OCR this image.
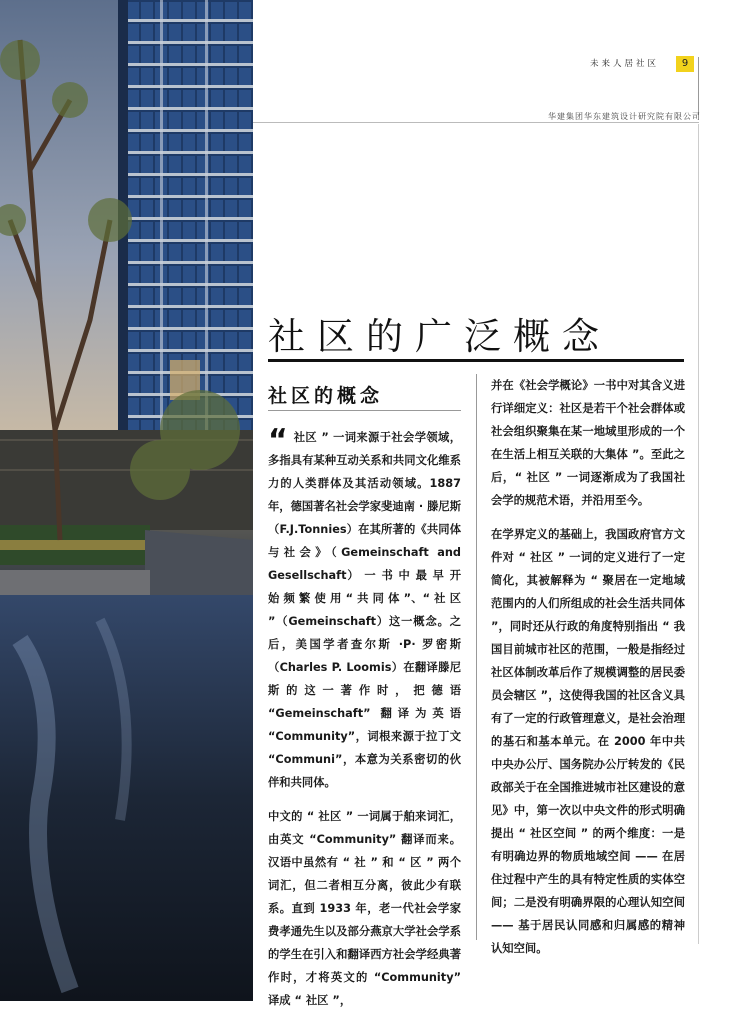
未来人居社区	9
华建集团华东建筑设计研究院有限公司
社区的广泛概念
社区的概念

“ 社区 ” 一词来源于社会学领域，多指具有某种互动关系和共同文化维系力的人类群体及其活动领域。1887 年，德国著名社会学家斐迪南 · 滕尼斯（F.J.Tonnies）在其所著的《共同体与社会》（Gemeinschaft and Gesellschaft） 一 书 中 最 早 开 始 频 繁 使 用 “ 共 同 体 ”、“ 社 区 ”（Gemeinschaft）这一概念。之后，美国学者查尔斯 ·P· 罗密斯（Charles P. Loomis）在翻译滕尼斯的这一著作时，把德语 “Gemeinschaft” 翻译为英语 “Community”，词根来源于拉丁文 “Communi”，本意为关系密切的伙伴和共同体。

中文的 “ 社区 ” 一词属于舶来词汇，由英文 “Community” 翻译而来。汉语中虽然有 “ 社 ” 和 “ 区 ” 两个词汇，但二者相互分离，彼此少有联系。直到 1933 年，老一代社会学家费孝通先生以及部分燕京大学社会学系的学生在引入和翻译西方社会学经典著作时，才将英文的 “Community” 译成 “ 社区 ”，

并在《社会学概论》一书中对其含义进行详细定义：社区是若干个社会群体或社会组织聚集在某一地域里形成的一个在生活上相互关联的大集体 ”。至此之后，“ 社区 ” 一词逐渐成为了我国社会学的规范术语，并沿用至今。

在学界定义的基础上，我国政府官方文件对 “ 社区 ” 一词的定义进行了一定简化，其被解释为 “ 聚居在一定地域范围内的人们所组成的社会生活共同体 ”，同时还从行政的角度特别指出 “ 我国目前城市社区的范围，一般是指经过社区体制改革后作了规模调整的居民委员会辖区 ”，这使得我国的社区含义具有了一定的行政管理意义，是社会治理的基石和基本单元。在 2000 年中共中央办公厅、国务院办公厅转发的《民政部关于在全国推进城市社区建设的意见》中，第一次以中央文件的形式明确提出 “ 社区空间 ” 的两个维度：一是有明确边界的物质地域空间 —— 在居住过程中产生的具有特定性质的实体空间；二是没有明确界限的心理认知空间 —— 基于居民认同感和归属感的精神认知空间。
